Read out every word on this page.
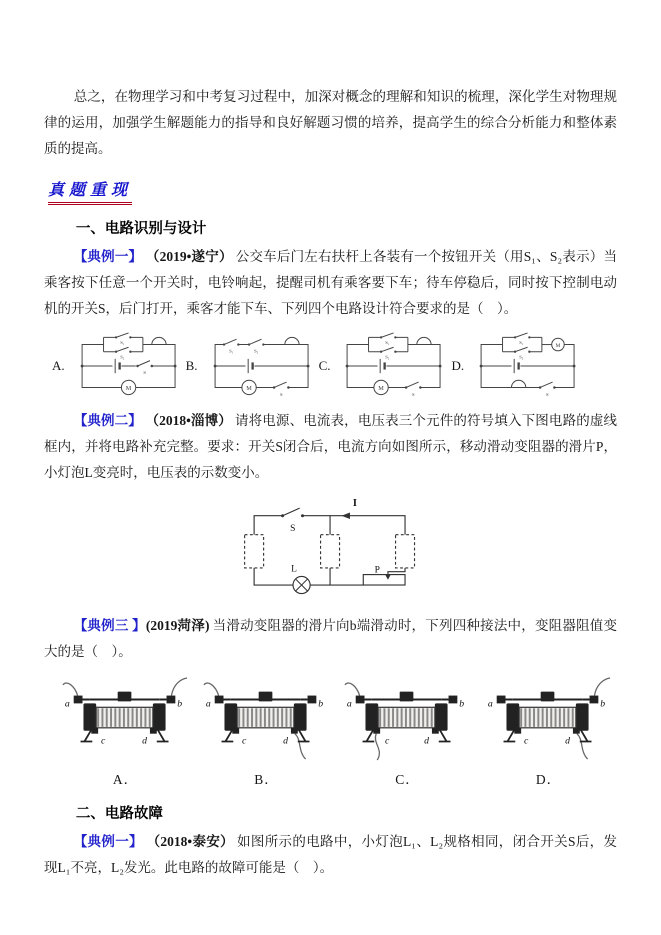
总之，在物理学习和中考复习过程中，加深对概念的理解和知识的梳理，深化学生对物理规律的运用，加强学生解题能力的指导和良好解题习惯的培养，提高学生的综合分析能力和整体素质的提高。

真题重现
一、电路识别与设计

【典例一】 （2019•遂宁） 公交车后门左右扶杆上各装有一个按钮开关（用S₁、S₂表示）当乘客按下任意一个开关时，电铃响起，提醒司机有乘客要下车；待车停稳后，同时按下控制电动机的开关S，后门打开，乘客才能下车、下列四个电路设计符合要求的是（　）。

A.
M
S₁
S₂
S
B.
M
S₁	S₂
S
C.
M
S₁
S₂
S
D.
M
S₁
S₂
S

【典例二】 （2018•淄博） 请将电源、电流表，电压表三个元件的符号填入下图电路的虚线框内，并将电路补充完整。要求：开关S闭合后，电流方向如图所示，移动滑动变阻器的滑片P，小灯泡L变亮时，电压表的示数变小。

S
I
L	P

【典例三 】(2019菏泽) 当滑动变阻器的滑片向b端滑动时，下列四种接法中，变阻器阻值变大的是（　）。

a	b
c	d
A．
a	b
c	d
B．
a	b
c	d
C．
a	b
c	d
D．
二、电路故障

【典例一】 （2018•泰安） 如图所示的电路中，小灯泡L₁、L₂规格相同，闭合开关S后，发现L₁不亮，L₂发光。此电路的故障可能是（　）。
